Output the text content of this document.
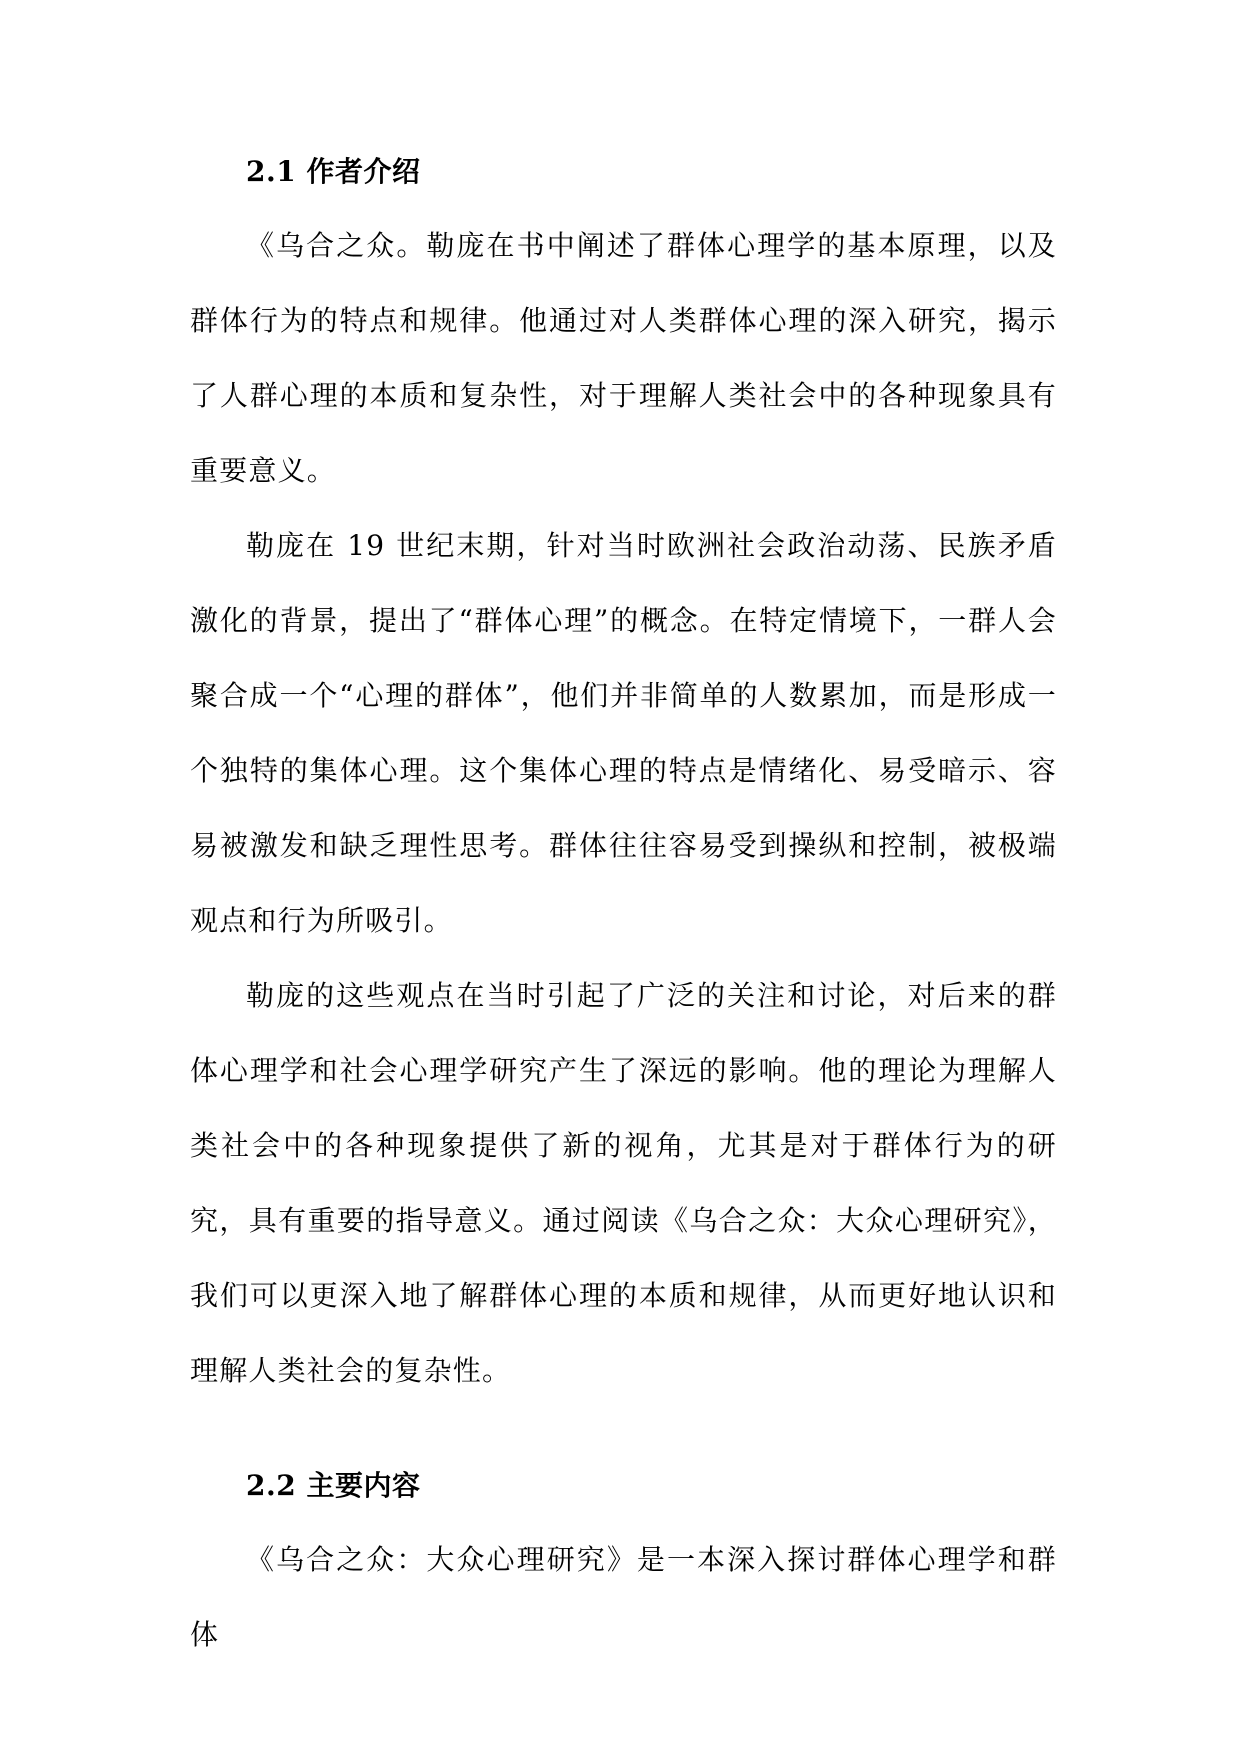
2.1 作者介绍

《乌合之众。勒庞在书中阐述了群体心理学的基本原理，以及群体行为的特点和规律。他通过对人类群体心理的深入研究，揭示了人群心理的本质和复杂性，对于理解人类社会中的各种现象具有重要意义。

勒庞在 19 世纪末期，针对当时欧洲社会政治动荡、民族矛盾激化的背景，提出了“群体心理”的概念。在特定情境下，一群人会聚合成一个“心理的群体”，他们并非简单的人数累加，而是形成一个独特的集体心理。这个集体心理的特点是情绪化、易受暗示、容易被激发和缺乏理性思考。群体往往容易受到操纵和控制，被极端观点和行为所吸引。

勒庞的这些观点在当时引起了广泛的关注和讨论，对后来的群体心理学和社会心理学研究产生了深远的影响。他的理论为理解人类社会中的各种现象提供了新的视角，尤其是对于群体行为的研究，具有重要的指导意义。通过阅读《乌合之众：大众心理研究》，我们可以更深入地了解群体心理的本质和规律，从而更好地认识和理解人类社会的复杂性。

2.2 主要内容

《乌合之众：大众心理研究》是一本深入探讨群体心理学和群体
